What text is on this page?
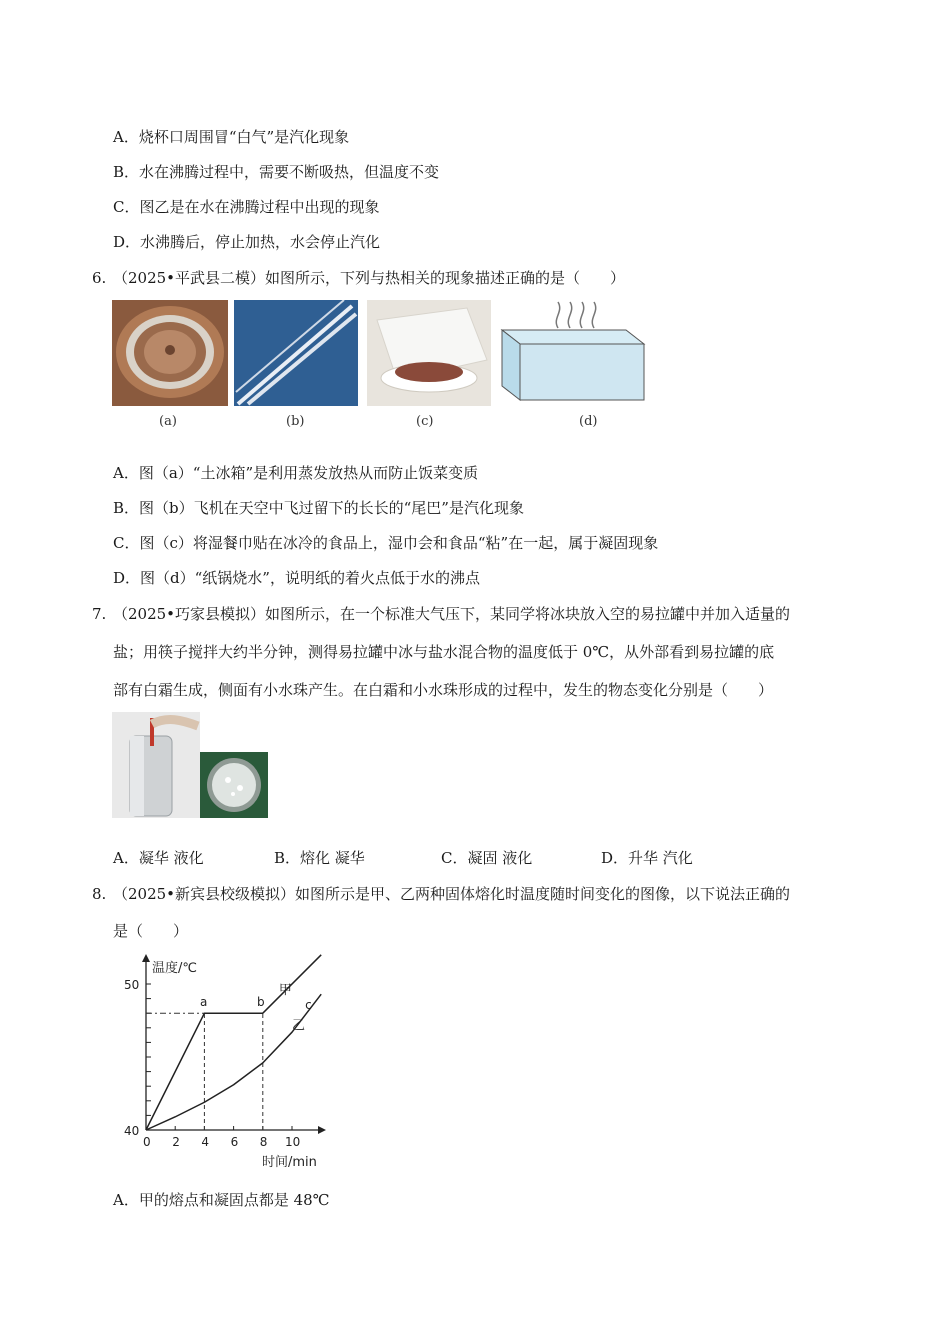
A．烧杯口周围冒“白气”是汽化现象
B．水在沸腾过程中，需要不断吸热，但温度不变
C．图乙是在水在沸腾过程中出现的现象
D．水沸腾后，停止加热，水会停止汽化
6. （2025•平武县二模）如图所示，下列与热相关的现象描述正确的是（　　）
(a)	(b)	(c)	(d)
A．图（a）“土冰箱”是利用蒸发放热从而防止饭菜变质
B．图（b）飞机在天空中飞过留下的长长的“尾巴”是汽化现象
C．图（c）将湿餐巾贴在冰冷的食品上，湿巾会和食品“粘”在一起，属于凝固现象
D．图（d）“纸锅烧水”，说明纸的着火点低于水的沸点
7. （2025•巧家县模拟）如图所示，在一个标准大气压下，某同学将冰块放入空的易拉罐中并加入适量的
盐；用筷子搅拌大约半分钟，测得易拉罐中冰与盐水混合物的温度低于 0℃，从外部看到易拉罐的底
部有白霜生成，侧面有小水珠产生。在白霜和小水珠形成的过程中，发生的物态变化分别是（　　）
A．凝华 液化	B．熔化 凝华	C．凝固 液化	D．升华 汽化
8. （2025•新宾县校级模拟）如图所示是甲、乙两种固体熔化时温度随时间变化的图像，以下说法正确的
是（　　）
40
50
0 2 4 6 8 10
温度/℃
时间/min
甲
乙
a	b	c
A．甲的熔点和凝固点都是 48℃
